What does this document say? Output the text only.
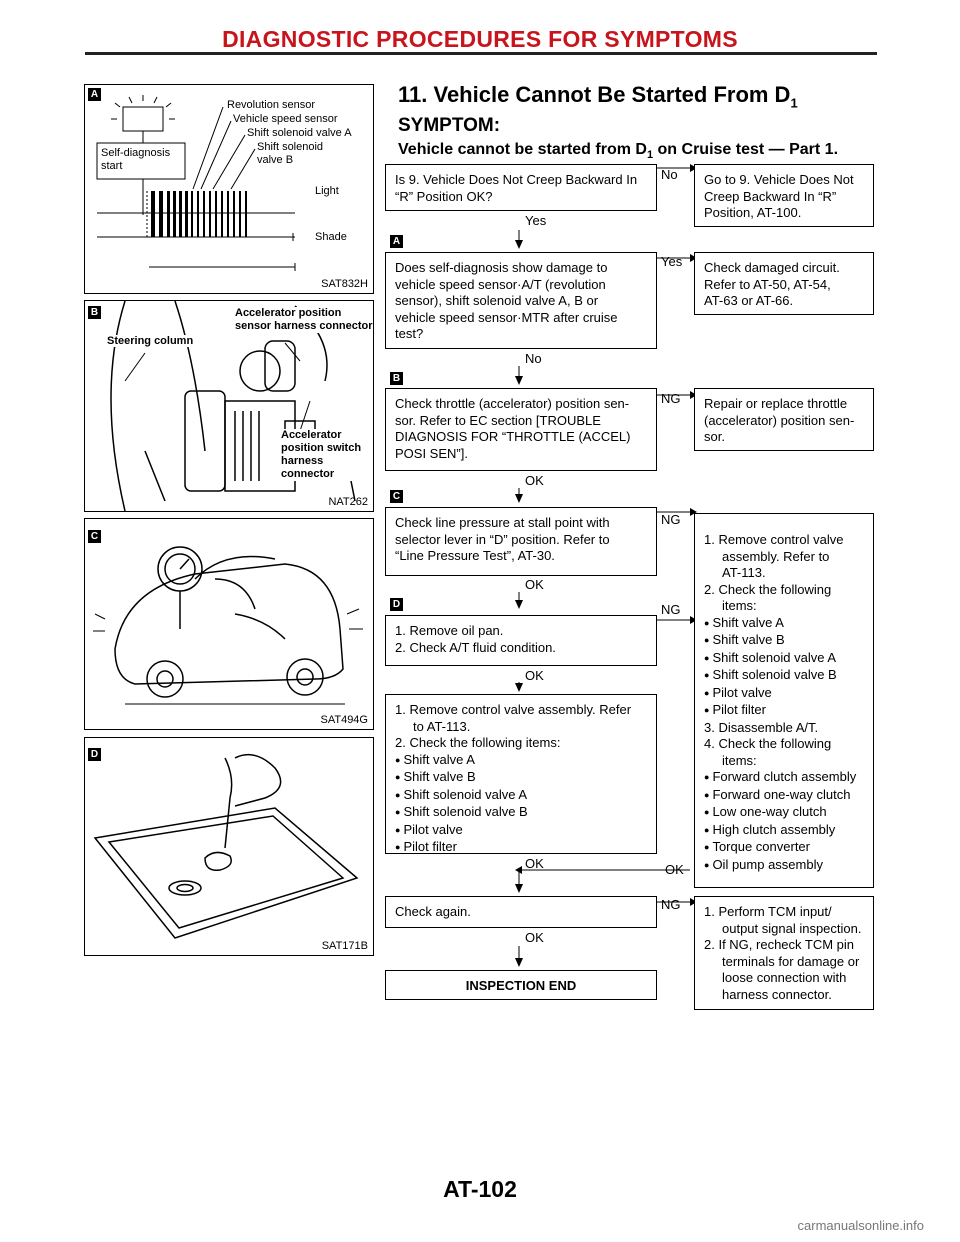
DIAGNOSTIC PROCEDURES FOR SYMPTOMS
Self-diagnosis
start
Revolution sensor
Vehicle speed sensor
Shift solenoid valve A
Shift solenoid
valve B
Light
Shade
SAT832H
A
Steering column
Accelerator position
sensor harness connector
Accelerator
position switch
harness connector
NAT262
B
SAT494G
C
SAT171B
D
11. Vehicle Cannot Be Started From $D_1$
SYMPTOM:
Vehicle cannot be started from $D_1$ on Cruise test — Part 1.
A
B
C
D
Is 9. Vehicle Does Not Creep Backward In
“R” Position OK?
No
Yes
Go to 9. Vehicle Does Not
Creep Backward In “R”
Position, AT-100.
Does self-diagnosis show damage to
vehicle speed sensor·A/T (revolution
sensor), shift solenoid valve A, B or
vehicle speed sensor·MTR after cruise
test?
Yes
No
Check damaged circuit.
Refer to AT-50, AT-54,
AT-63 or AT-66.
Check throttle (accelerator) position sen-
sor. Refer to EC section [TROUBLE
DIAGNOSIS FOR “THROTTLE (ACCEL)
POSI SEN”].
NG
OK
Repair or replace throttle
(accelerator) position sen-
sor.
Check line pressure at stall point with
selector lever in “D” position. Refer to
“Line Pressure Test”, AT-30.
NG
OK
1. Remove control valve
assembly. Refer to
AT-113.
2. Check the following
items:
● Shift valve A
● Shift valve B
● Shift solenoid valve A
● Shift solenoid valve B
● Pilot valve
● Pilot filter
3. Disassemble A/T.
4. Check the following
items:
● Forward clutch assembly
● Forward one-way clutch
● Low one-way clutch
● High clutch assembly
● Torque converter
● Oil pump assembly
1. Remove oil pan.
2. Check A/T fluid condition.
NG
OK
1. Remove control valve assembly. Refer
to AT-113.
2. Check the following items:
● Shift valve A
● Shift valve B
● Shift solenoid valve A
● Shift solenoid valve B
● Pilot valve
● Pilot filter
OK	OK
Check again.	NG
OK
1. Perform TCM input/
output signal inspection.
2. If NG, recheck TCM pin
terminals for damage or
loose connection with
harness connector.
INSPECTION END
AT-102
carmanualsonline.info
